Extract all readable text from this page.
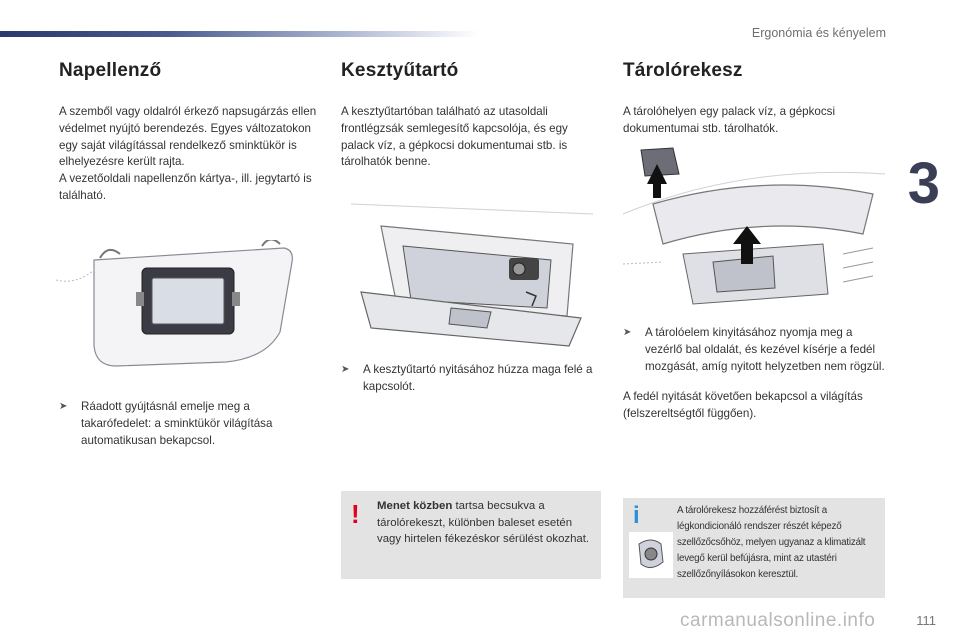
Ergonómia és kényelem
3
Napellenző

A szemből vagy oldalról érkező napsugárzás ellen védelmet nyújtó berendezés. Egyes változatokon egy saját világítással rendelkező sminktükör is elhelyezésre került rajta.
A vezetőoldali napellenzőn kártya-, ill. jegytartó is található.

➤	Ráadott gyújtásnál emelje meg a takarófedelet: a sminktükör világítása automatikusan bekapcsol.
Kesztyűtartó

A kesztyűtartóban található az utasoldali frontlégzsák semlegesítő kapcsolója, és egy palack víz, a gépkocsi dokumentumai stb. is tárolhatók benne.

➤	A kesztyűtartó nyitásához húzza maga felé a kapcsolót.
! Menet közben tartsa becsukva a tárolórekeszt, különben baleset esetén vagy hirtelen fékezéskor sérülést okozhat.
Tárolórekesz

A tárolóhelyen egy palack víz, a gépkocsi dokumentumai stb. tárolhatók.

➤	A tárolóelem kinyitásához nyomja meg a vezérlő bal oldalát, és kezével kísérje a fedél mozgását, amíg nyitott helyzetben nem rögzül.

A fedél nyitását követően bekapcsol a világítás (felszereltségtől függően).

i	A tárolórekesz hozzáférést biztosít a légkondicionáló rendszer részét képező szellőzőcsőhöz, melyen ugyanaz a klimatizált levegő kerül befújásra, mint az utastéri szellőzőnyílásokon keresztül.
carmanualsonline.info	111
